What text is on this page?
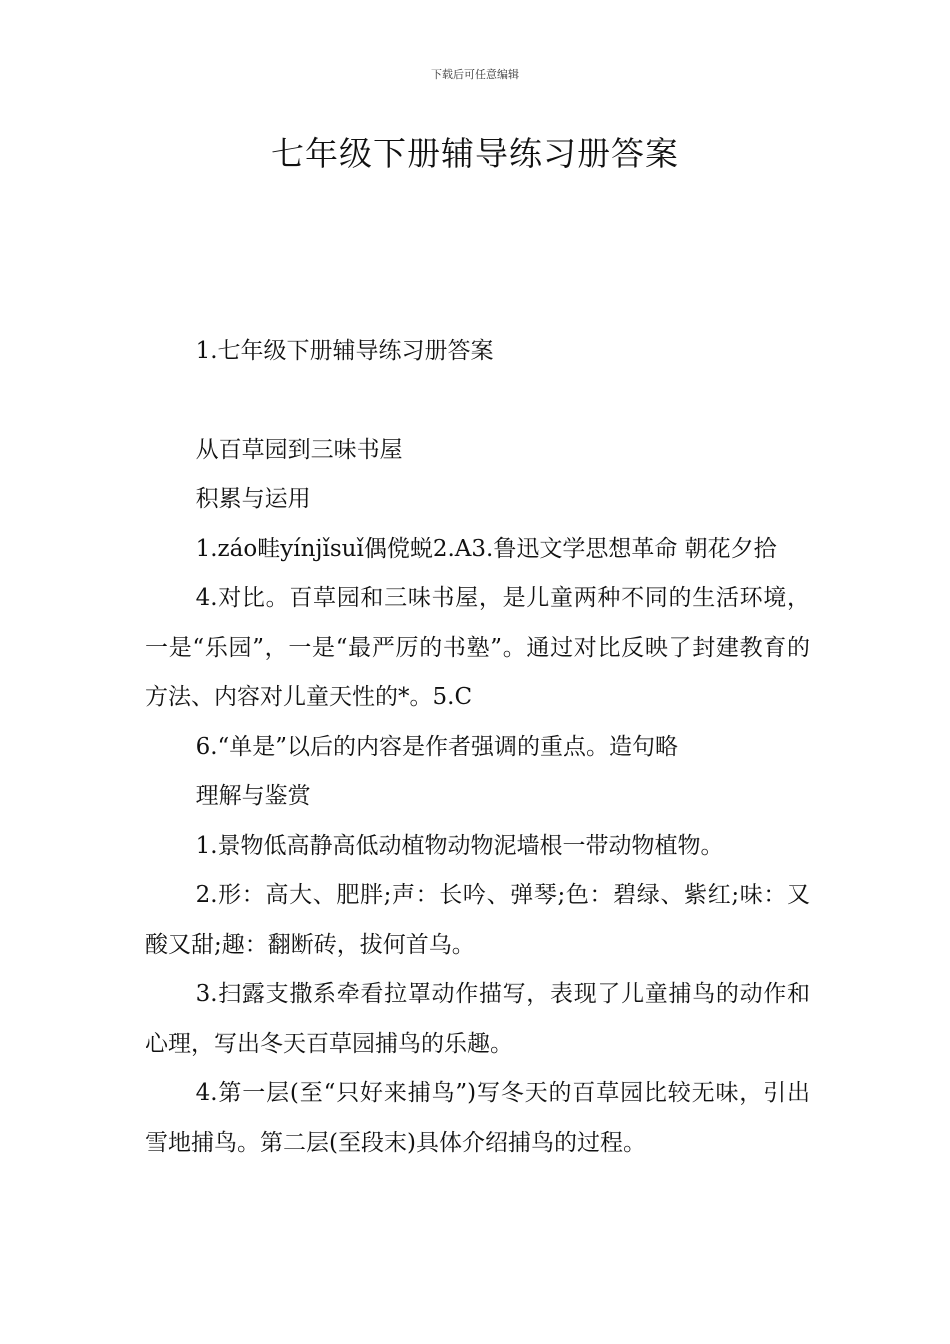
下载后可任意编辑
七年级下册辅导练习册答案

1.七年级下册辅导练习册答案

从百草园到三味书屋

积累与运用

1.záo畦yínjǐsuǐ偶傥蜕2.A3.鲁迅文学思想革命 朝花夕拾

4.对比。百草园和三味书屋，是儿童两种不同的生活环境，一是“乐园”，一是“最严厉的书塾”。通过对比反映了封建教育的方法、内容对儿童天性的*。5.C

6.“单是”以后的内容是作者强调的重点。造句略

理解与鉴赏

1.景物低高静高低动植物动物泥墙根一带动物植物。

2.形：高大、肥胖;声：长吟、弹琴;色：碧绿、紫红;味：又酸又甜;趣：翻断砖，拔何首乌。

3.扫露支撒系牵看拉罩动作描写，表现了儿童捕鸟的动作和心理，写出冬天百草园捕鸟的乐趣。

4.第一层(至“只好来捕鸟”)写冬天的百草园比较无味，引出雪地捕鸟。第二层(至段末)具体介绍捕鸟的过程。
